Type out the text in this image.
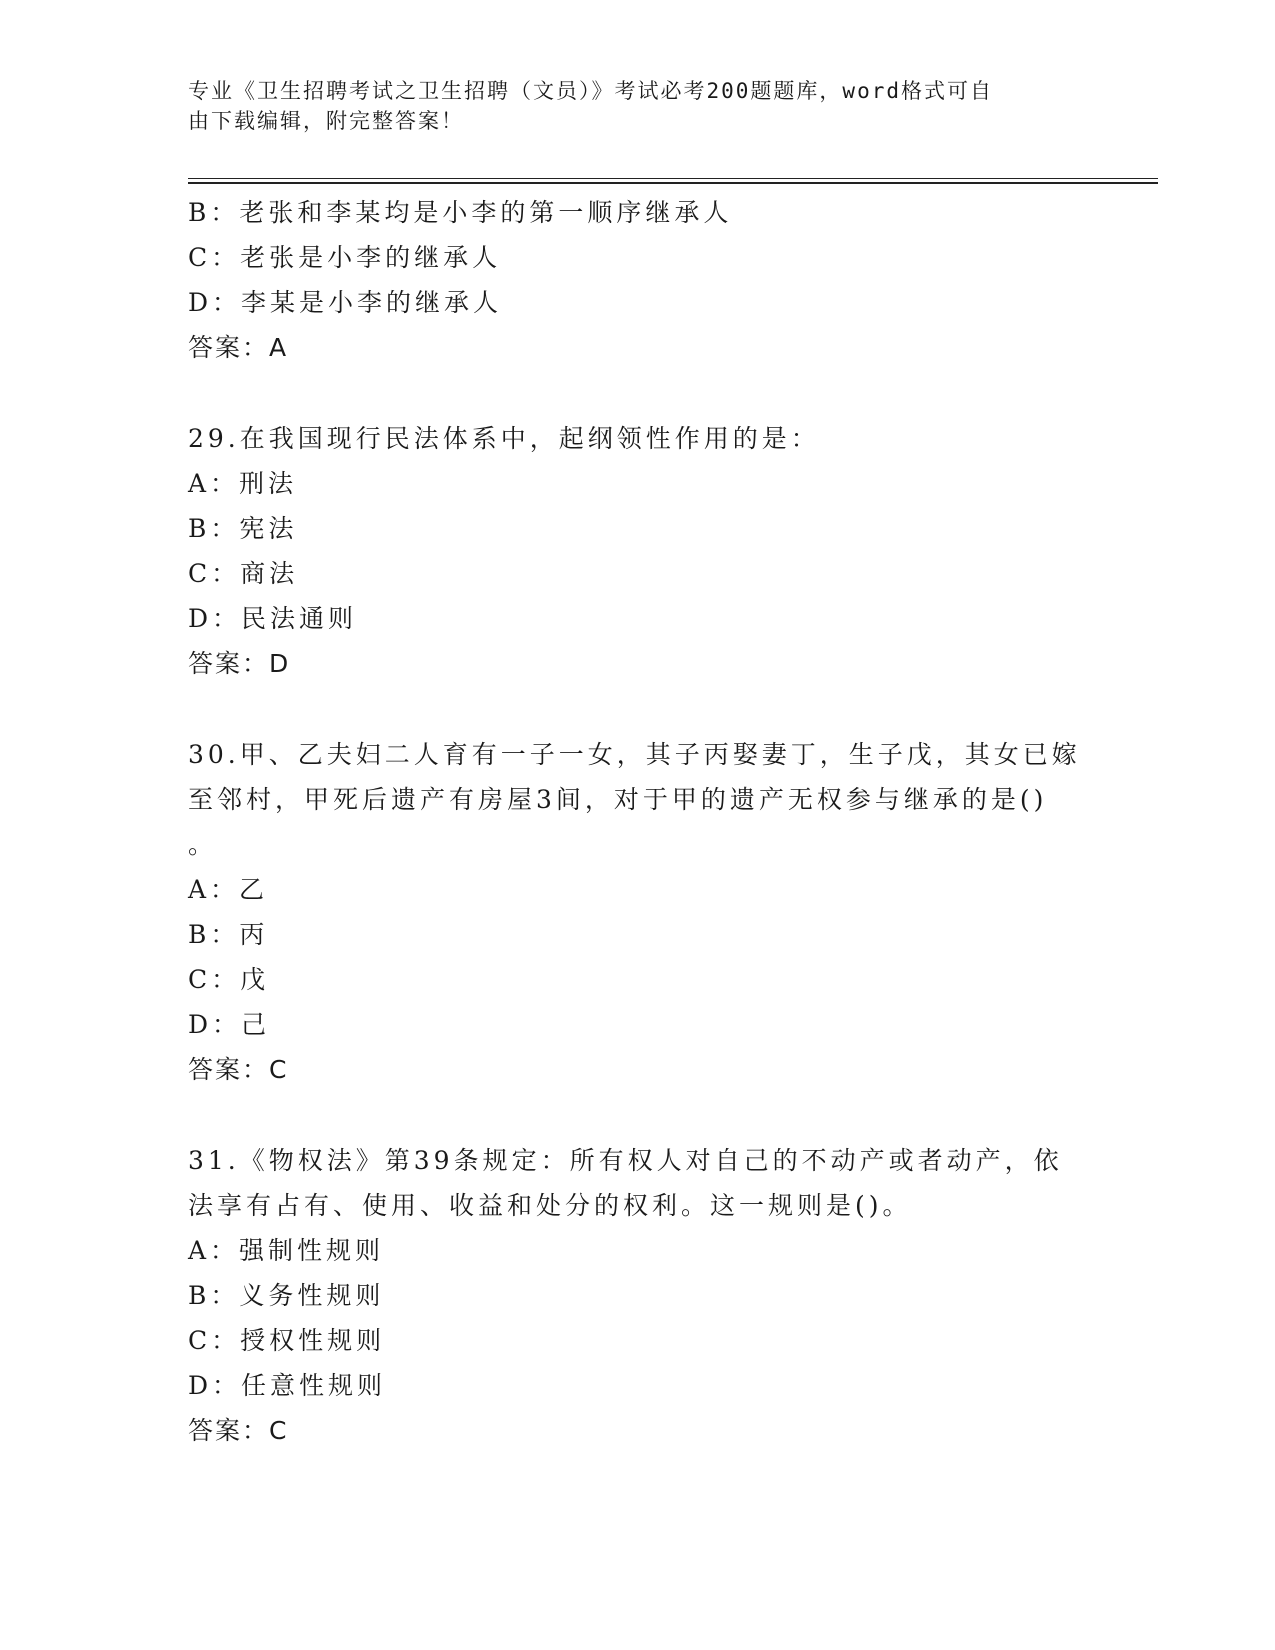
专业《卫生招聘考试之卫生招聘（文员）》考试必考200题题库，word格式可自
由下载编辑，附完整答案！
B：老张和李某均是小李的第一顺序继承人
C：老张是小李的继承人
D：李某是小李的继承人
答案：A
29.在我国现行民法体系中，起纲领性作用的是：
A：刑法
B：宪法
C：商法
D：民法通则
答案：D
30.甲、乙夫妇二人育有一子一女，其子丙娶妻丁，生子戊，其女已嫁
至邻村，甲死后遗产有房屋3间，对于甲的遗产无权参与继承的是()
。
A：乙
B：丙
C：戊
D：己
答案：C
31.《物权法》第39条规定：所有权人对自己的不动产或者动产，依
法享有占有、使用、收益和处分的权利。这一规则是()。
A：强制性规则
B：义务性规则
C：授权性规则
D：任意性规则
答案：C
